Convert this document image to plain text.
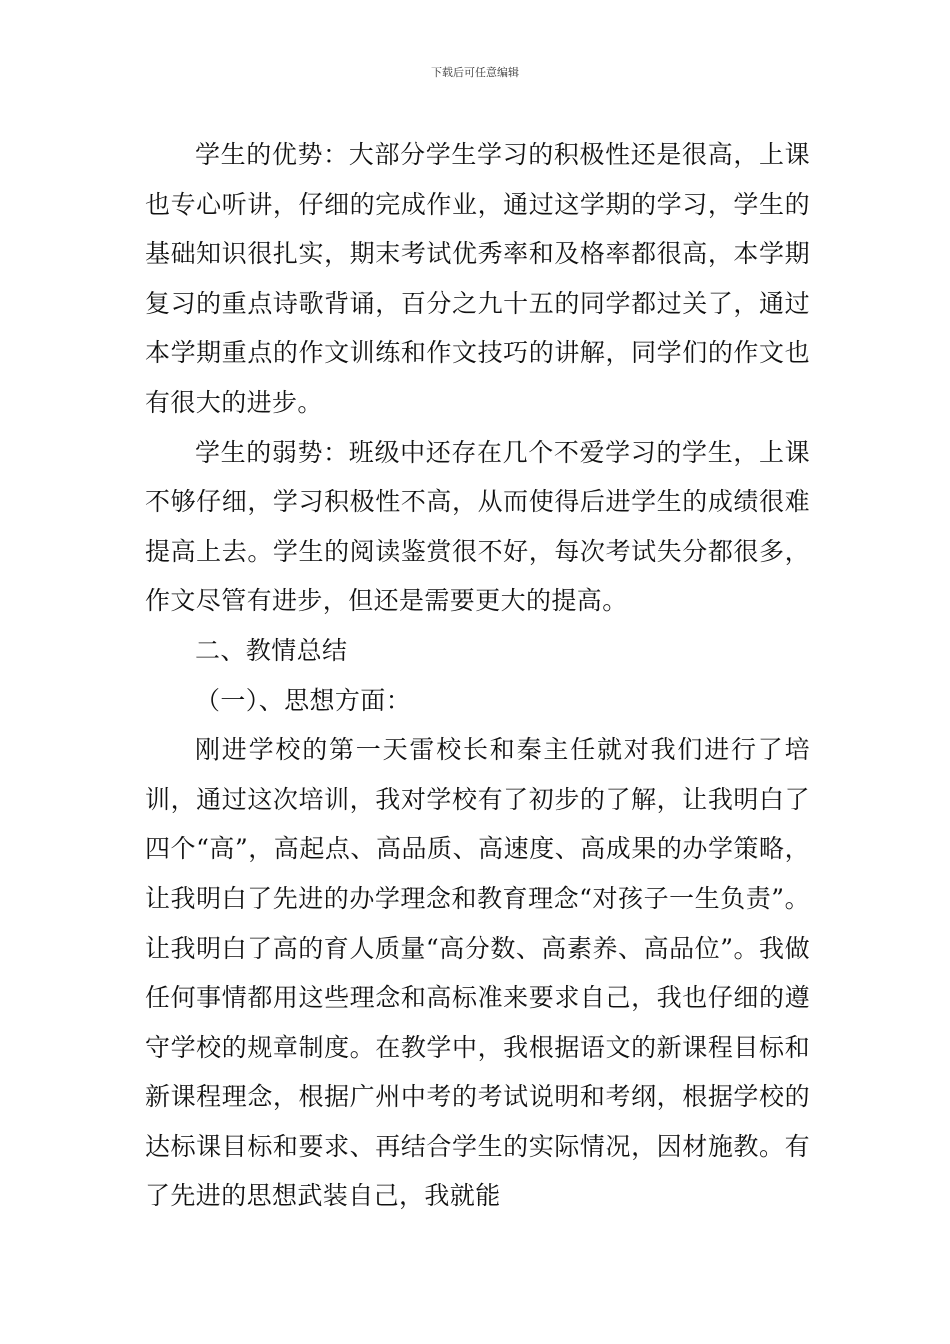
下载后可任意编辑

学生的优势：大部分学生学习的积极性还是很高，上课也专心听讲，仔细的完成作业，通过这学期的学习，学生的基础知识很扎实，期末考试优秀率和及格率都很高，本学期复习的重点诗歌背诵，百分之九十五的同学都过关了，通过本学期重点的作文训练和作文技巧的讲解，同学们的作文也有很大的进步。

学生的弱势：班级中还存在几个不爱学习的学生，上课不够仔细，学习积极性不高，从而使得后进学生的成绩很难提高上去。学生的阅读鉴赏很不好，每次考试失分都很多，作文尽管有进步，但还是需要更大的提高。

二、教情总结

（一）、思想方面：

刚进学校的第一天雷校长和秦主任就对我们进行了培训，通过这次培训，我对学校有了初步的了解，让我明白了四个“高”，高起点、高品质、高速度、高成果的办学策略，让我明白了先进的办学理念和教育理念“对孩子一生负责”。让我明白了高的育人质量“高分数、高素养、高品位”。我做任何事情都用这些理念和高标准来要求自己，我也仔细的遵守学校的规章制度。在教学中，我根据语文的新课程目标和新课程理念，根据广州中考的考试说明和考纲，根据学校的达标课目标和要求、再结合学生的实际情况，因材施教。有了先进的思想武装自己，我就能
